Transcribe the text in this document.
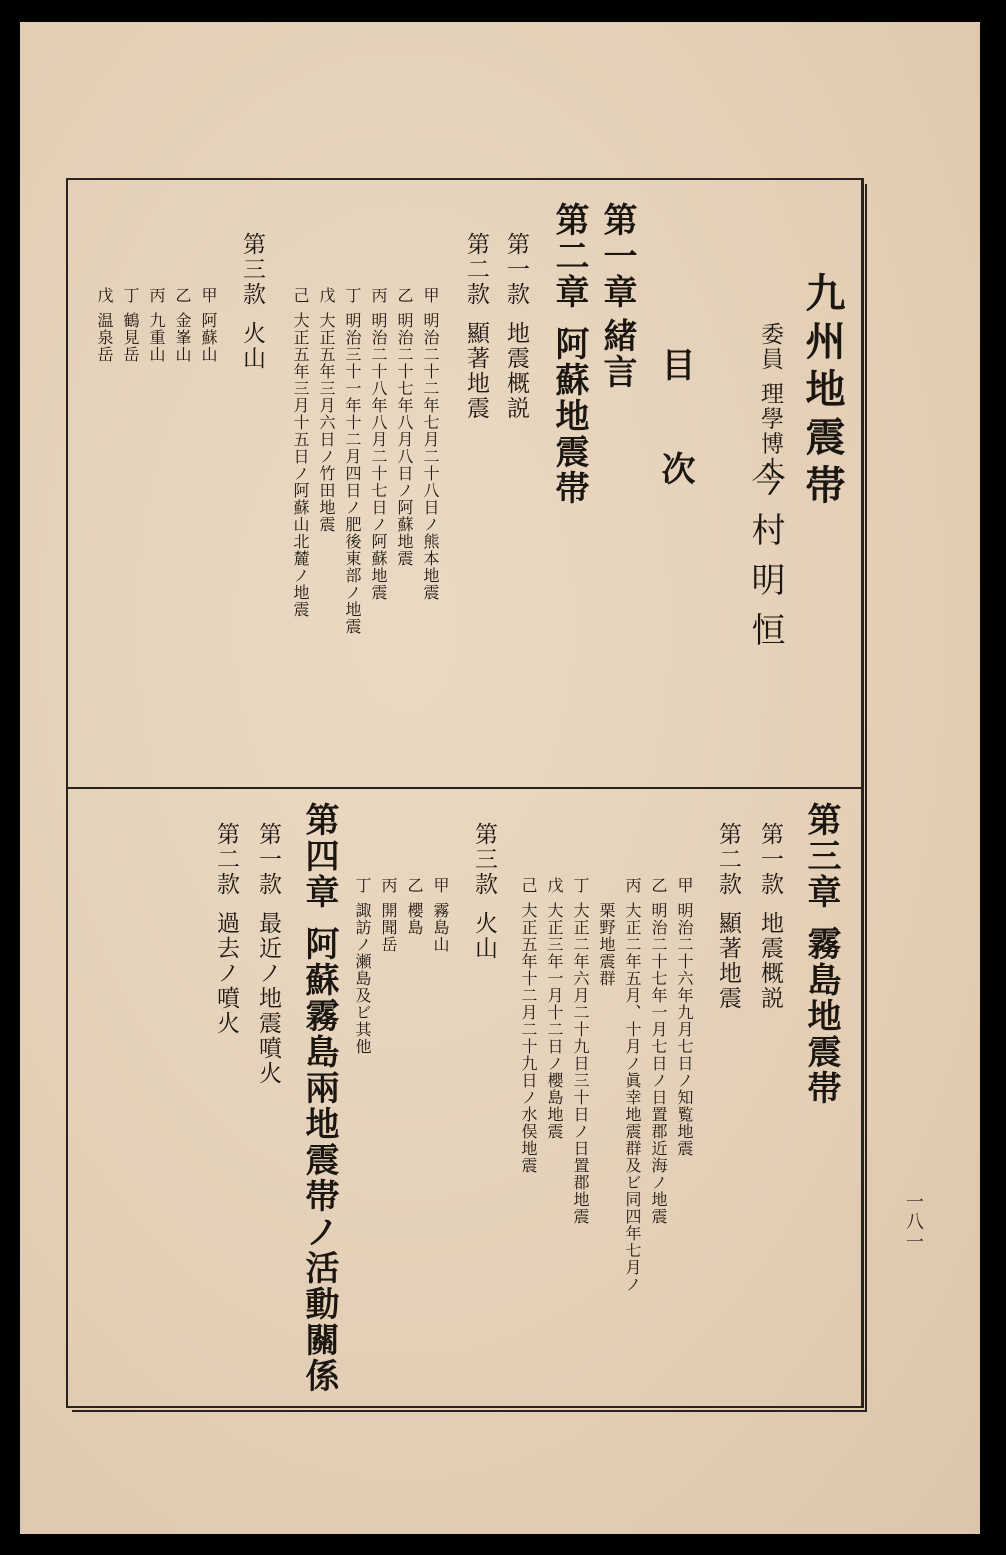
九州地震帯
委員 理學博士
今村明恒
目次
第一章緒言
第二章阿蘇地震帯
第一款地震概説
第二款顯著地震
甲明治二十二年七月二十八日ノ熊本地震
乙明治二十七年八月八日ノ阿蘇地震
丙明治二十八年八月二十七日ノ阿蘇地震
丁明治三十一年十二月四日ノ肥後東部ノ地震
戊大正五年三月六日ノ竹田地震
己大正五年三月十五日ノ阿蘇山北麓ノ地震
第三款火山
甲阿蘇山
乙金峯山
丙九重山
丁鶴見岳
戊温泉岳
第三章霧島地震帯
第一款地震概説
第二款顯著地震
甲明治二十六年九月七日ノ知覧地震
乙明治二十七年一月七日ノ日置郡近海ノ地震
丙大正二年五月、十月ノ眞幸地震群及ビ同四年七月ノ
栗野地震群
丁大正二年六月二十九日三十日ノ日置郡地震
戊大正三年一月十二日ノ櫻島地震
己大正五年十二月二十九日ノ水俣地震
第三款火山
甲霧島山
乙櫻島
丙開聞岳
丁諏訪ノ瀬島及ビ其他
第四章阿蘇霧島兩地震帯ノ活動關係
第一款最近ノ地震噴火
第二款過去ノ噴火
一八一
